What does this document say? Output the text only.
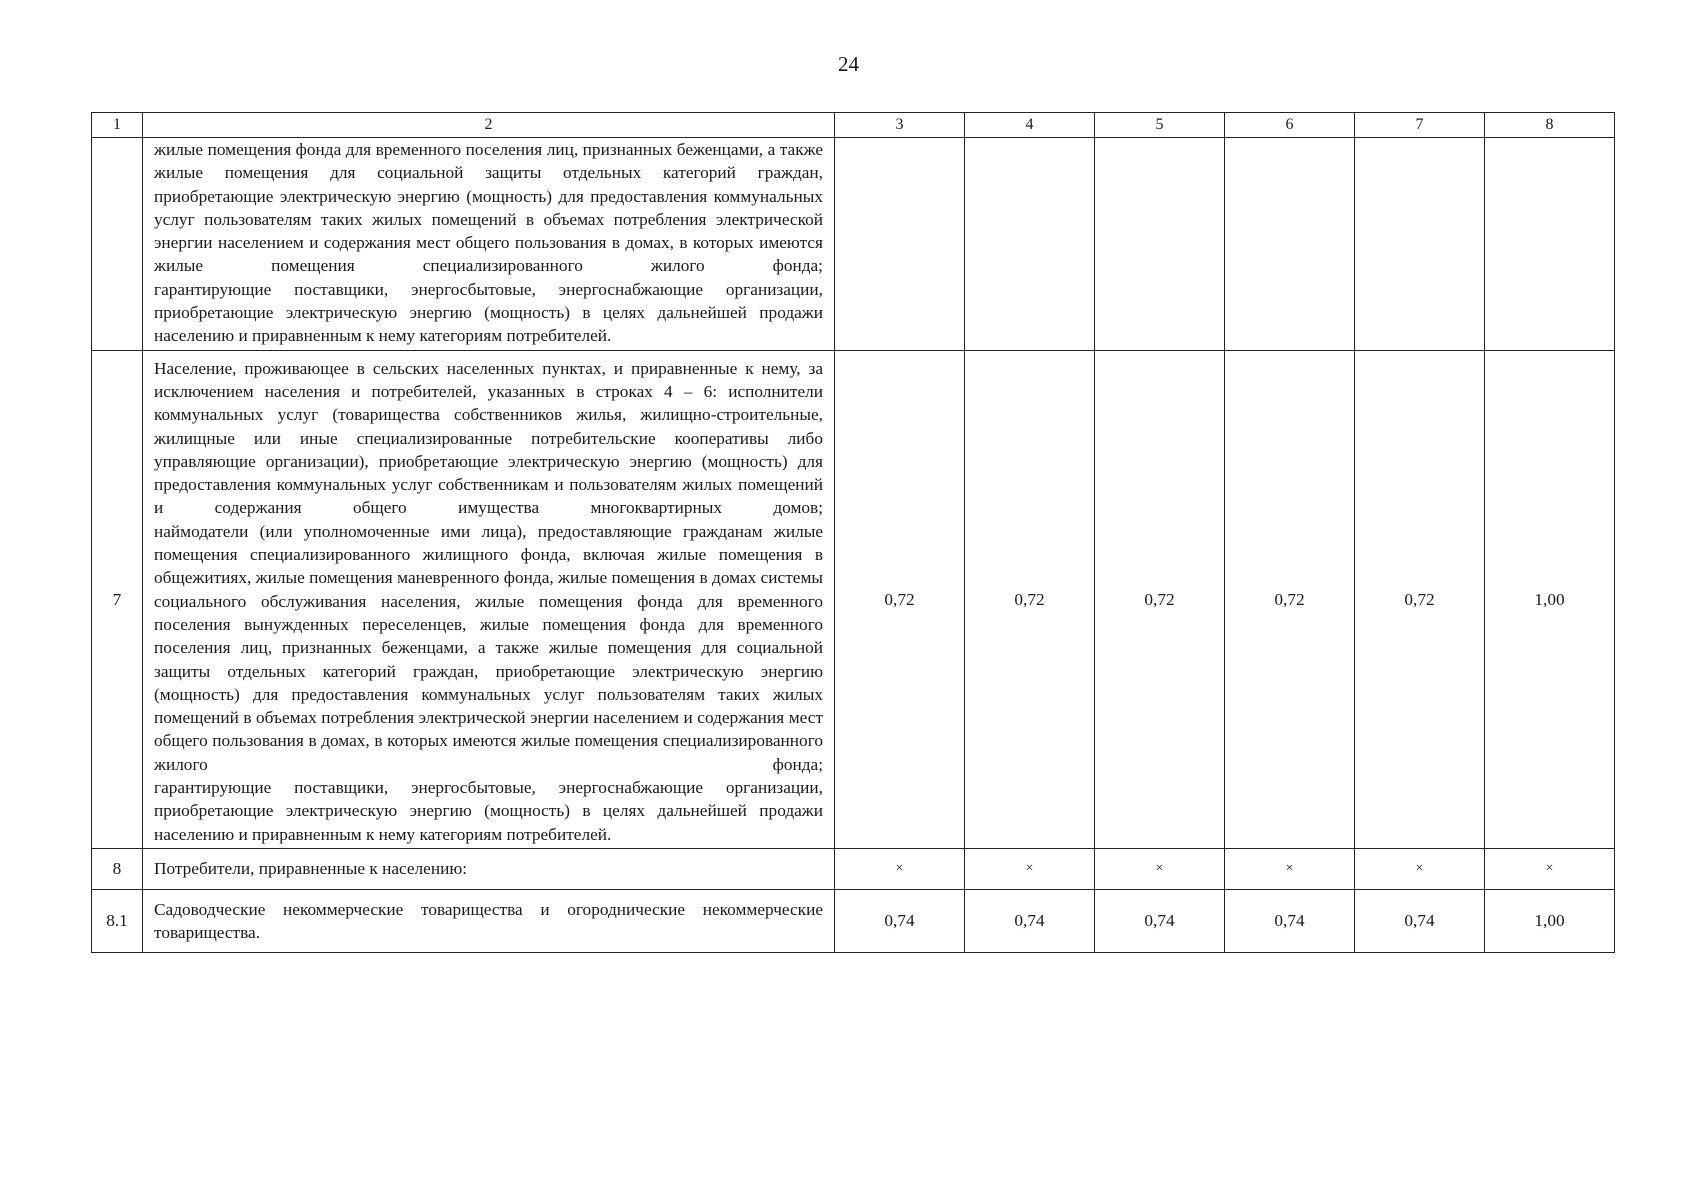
24
1	2	3	4	5	6	7	8

	жилые помещения фонда для временного поселения лиц, признанных беженцами, а также жилые помещения для социальной защиты отдельных категорий граждан, приобретающие электрическую энергию (мощность) для предоставления коммунальных услуг пользователям таких жилых помещений в объемах потребления электрической энергии населением и содержания мест общего пользования в домах, в которых имеются жилые помещения специализированного жилого фонда;
гарантирующие поставщики, энергосбытовые, энергоснабжающие организации, приобретающие электрическую энергию (мощность) в целях дальнейшей продажи населению и приравненным к нему категориям потребителей.						

7	Население, проживающее в сельских населенных пунктах, и приравненные к нему, за исключением населения и потребителей, указанных в строках 4 – 6: исполнители коммунальных услуг (товарищества собственников жилья, жилищно-строительные, жилищные или иные специализированные потребительские кооперативы либо управляющие организации), приобретающие электрическую энергию (мощность) для предоставления коммунальных услуг собственникам и пользователям жилых помещений и содержания общего имущества многоквартирных домов;
наймодатели (или уполномоченные ими лица), предоставляющие гражданам жилые помещения специализированного жилищного фонда, включая жилые помещения в общежитиях, жилые помещения маневренного фонда, жилые помещения в домах системы социального обслуживания населения, жилые помещения фонда для временного поселения вынужденных переселенцев, жилые помещения фонда для временного поселения лиц, признанных беженцами, а также жилые помещения для социальной защиты отдельных категорий граждан, приобретающие электрическую энергию (мощность) для предоставления коммунальных услуг пользователям таких жилых помещений в объемах потребления электрической энергии населением и содержания мест общего пользования в домах, в которых имеются жилые помещения специализированного жилого фонда;
гарантирующие поставщики, энергосбытовые, энергоснабжающие организации, приобретающие электрическую энергию (мощность) в целях дальнейшей продажи населению и приравненным к нему категориям потребителей.	0,72	0,72	0,72	0,72	0,72	1,00
8	Потребители, приравненные к населению:	×	×	×	×	×	×
8.1	Садоводческие некоммерческие товарищества и огороднические некоммерческие товарищества.	0,74	0,74	0,74	0,74	0,74	1,00
